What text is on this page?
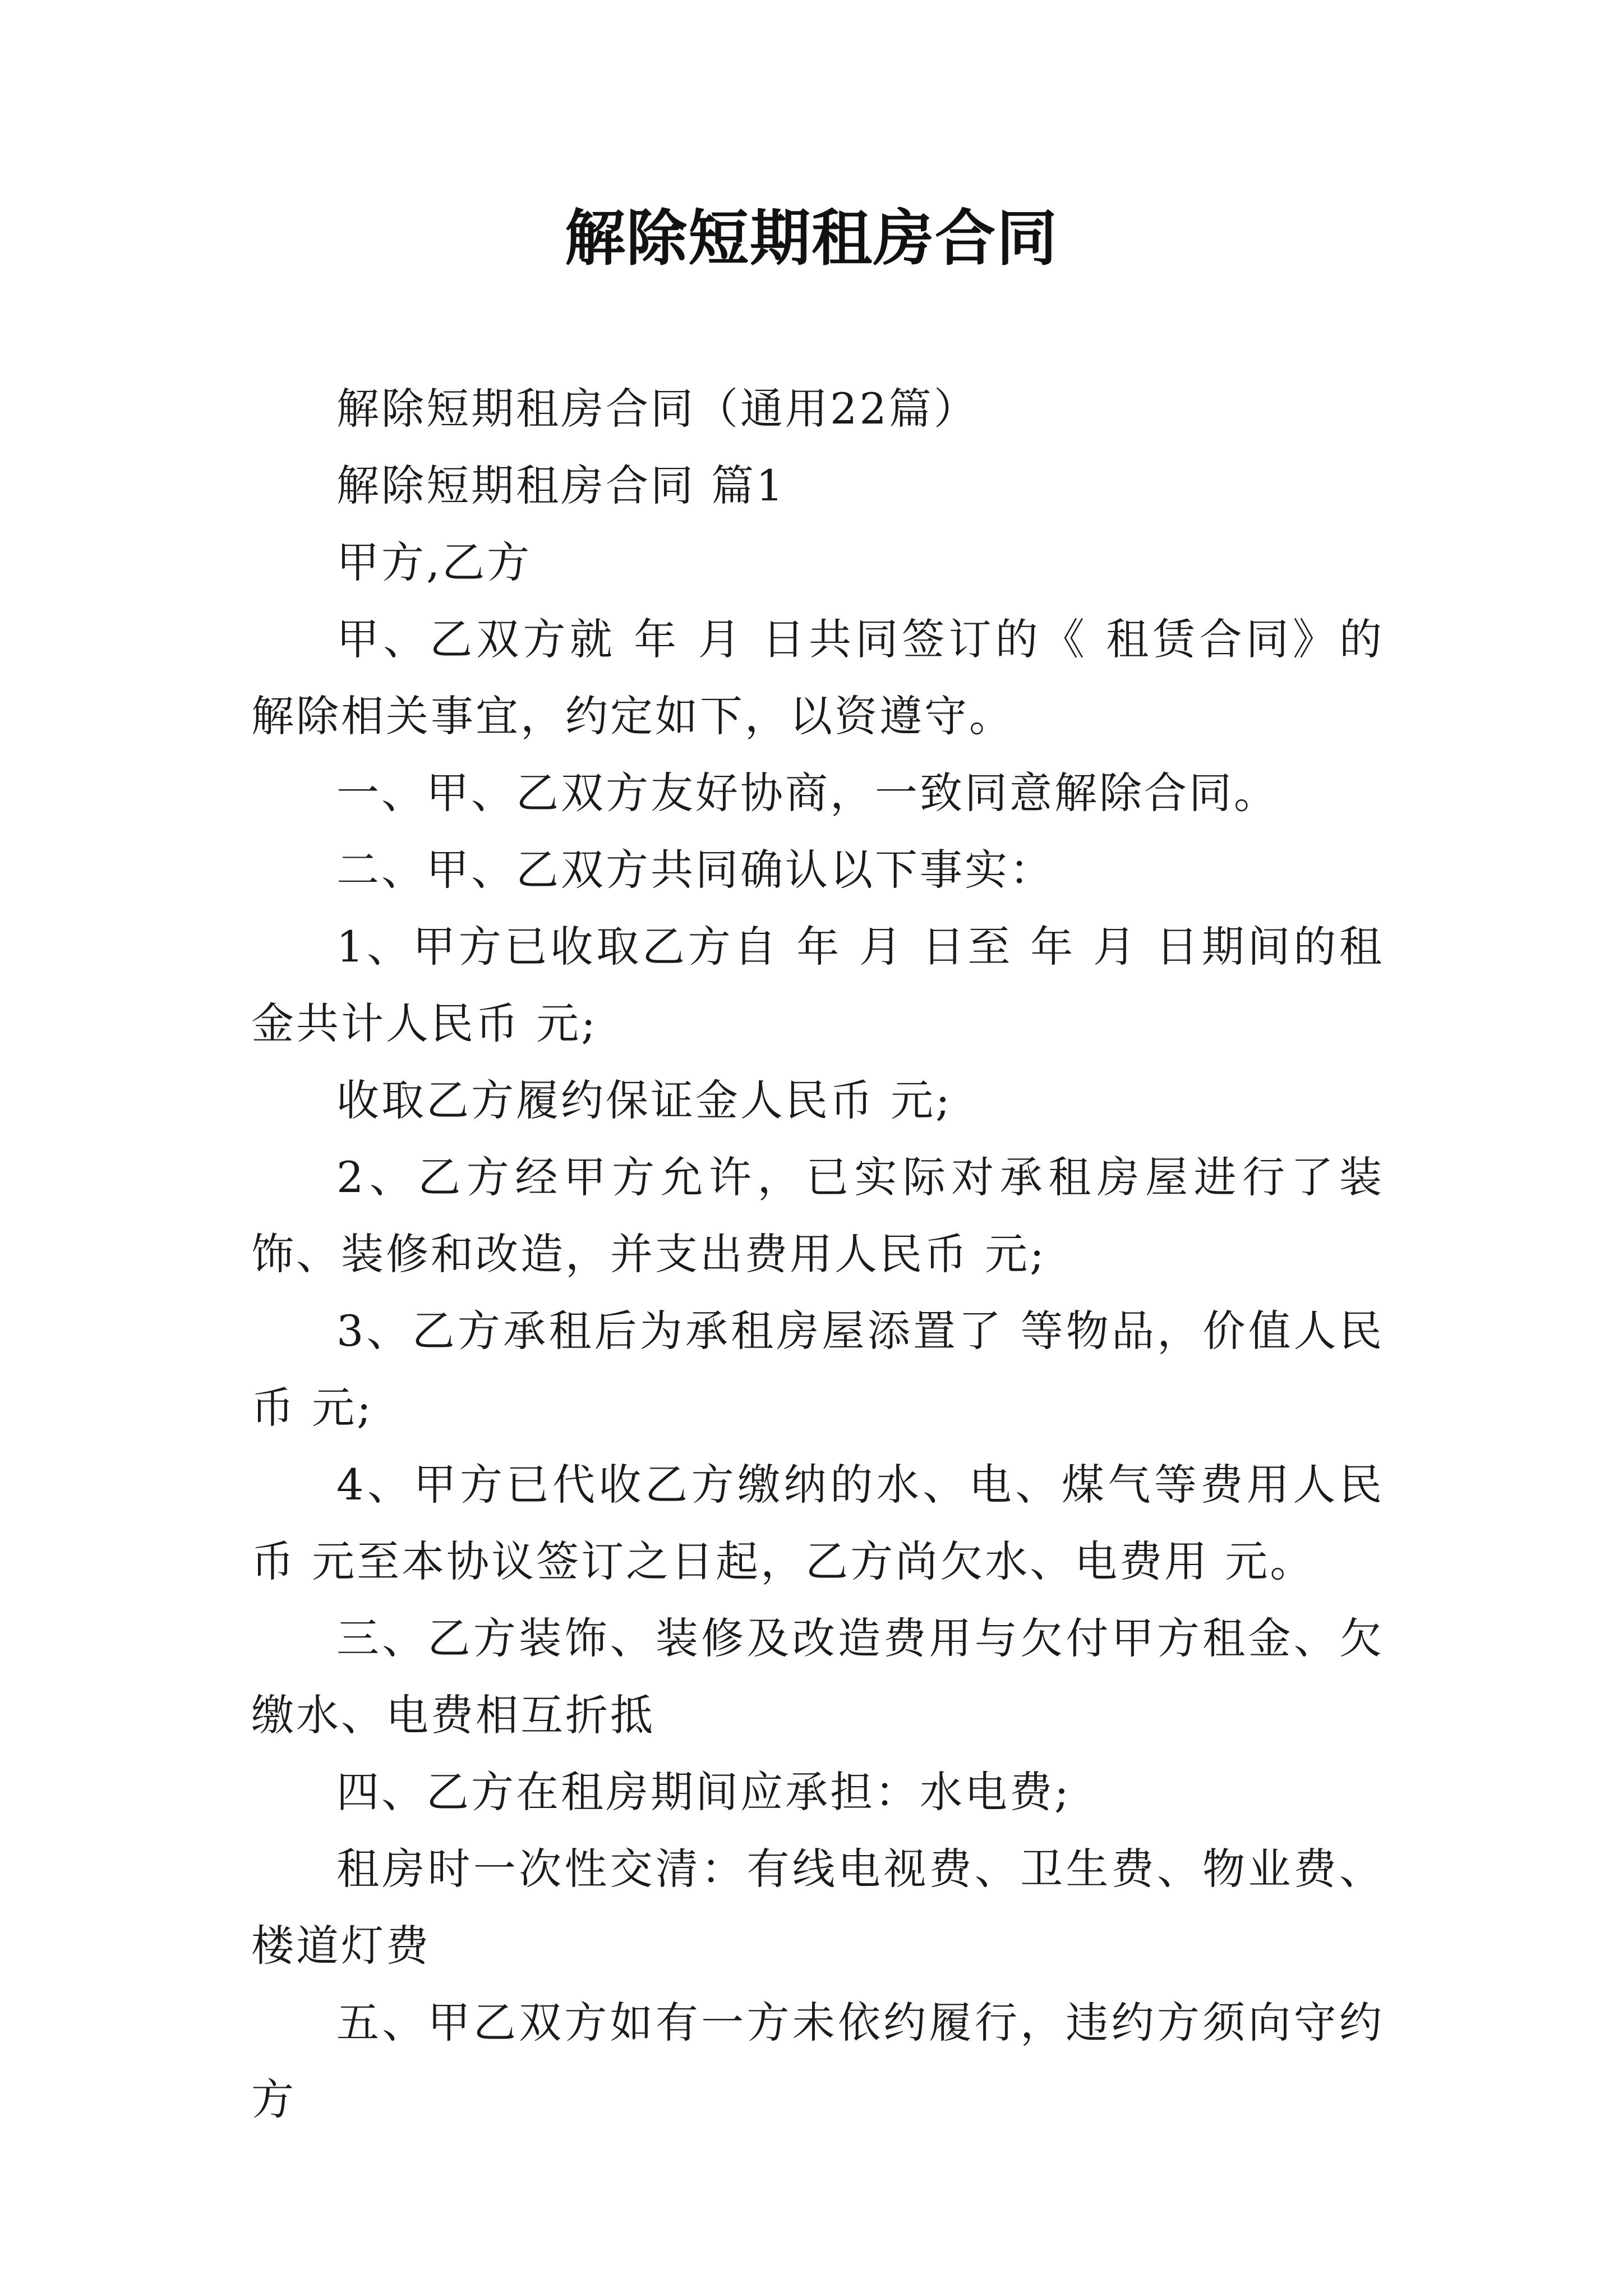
解除短期租房合同

解除短期租房合同（通用22篇）

解除短期租房合同 篇1

甲方,乙方

甲、乙双方就 年 月 日共同签订的《 租赁合同》的解除相关事宜，约定如下，以资遵守。

一、甲、乙双方友好协商，一致同意解除合同。

二、甲、乙双方共同确认以下事实：

1、甲方已收取乙方自 年 月 日至 年 月 日期间的租金共计人民币 元;

收取乙方履约保证金人民币 元;

2、乙方经甲方允许，已实际对承租房屋进行了装饰、装修和改造，并支出费用人民币 元;

3、乙方承租后为承租房屋添置了 等物品，价值人民币 元;

4、甲方已代收乙方缴纳的水、电、煤气等费用人民币 元至本协议签订之日起，乙方尚欠水、电费用 元。

三、乙方装饰、装修及改造费用与欠付甲方租金、欠缴水、电费相互折抵

四、乙方在租房期间应承担：水电费;

租房时一次性交清：有线电视费、卫生费、物业费、楼道灯费

五、甲乙双方如有一方未依约履行，违约方须向守约方
